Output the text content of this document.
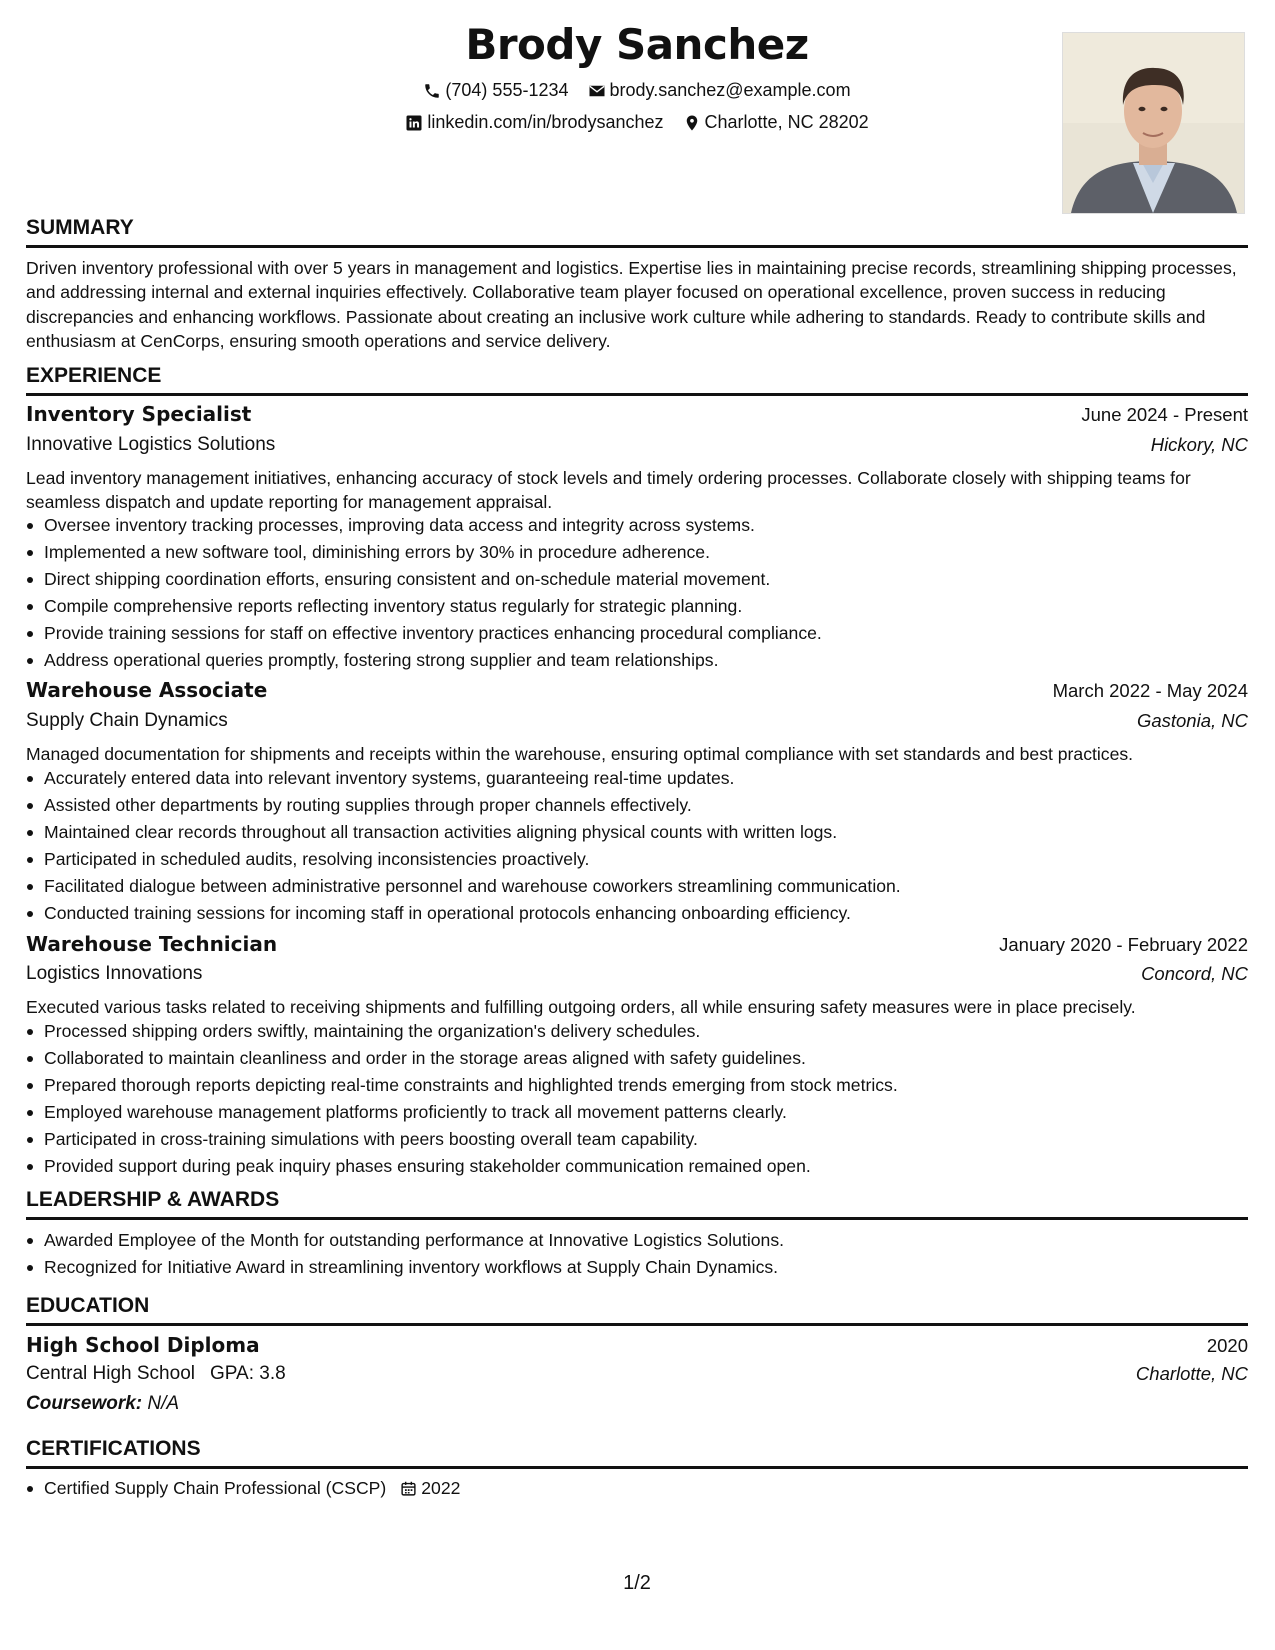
Brody Sanchez
(704) 555-1234
brody.sanchez@example.com
linkedin.com/in/brodysanchez
Charlotte, NC 28202
SUMMARY
Driven inventory professional with over 5 years in management and logistics. Expertise lies in maintaining precise records, streamlining shipping processes, and addressing internal and external inquiries effectively. Collaborative team player focused on operational excellence, proven success in reducing discrepancies and enhancing workflows. Passionate about creating an inclusive work culture while adhering to standards. Ready to contribute skills and enthusiasm at CenCorps, ensuring smooth operations and service delivery.
EXPERIENCE
Inventory Specialist	June 2024 - Present
Innovative Logistics Solutions	Hickory, NC
Lead inventory management initiatives, enhancing accuracy of stock levels and timely ordering processes. Collaborate closely with shipping teams for seamless dispatch and update reporting for management appraisal.
Oversee inventory tracking processes, improving data access and integrity across systems.
Implemented a new software tool, diminishing errors by 30% in procedure adherence.
Direct shipping coordination efforts, ensuring consistent and on-schedule material movement.
Compile comprehensive reports reflecting inventory status regularly for strategic planning.
Provide training sessions for staff on effective inventory practices enhancing procedural compliance.
Address operational queries promptly, fostering strong supplier and team relationships.
Warehouse Associate	March 2022 - May 2024
Supply Chain Dynamics	Gastonia, NC
Managed documentation for shipments and receipts within the warehouse, ensuring optimal compliance with set standards and best practices.
Accurately entered data into relevant inventory systems, guaranteeing real-time updates.
Assisted other departments by routing supplies through proper channels effectively.
Maintained clear records throughout all transaction activities aligning physical counts with written logs.
Participated in scheduled audits, resolving inconsistencies proactively.
Facilitated dialogue between administrative personnel and warehouse coworkers streamlining communication.
Conducted training sessions for incoming staff in operational protocols enhancing onboarding efficiency.
Warehouse Technician	January 2020 - February 2022
Logistics Innovations	Concord, NC
Executed various tasks related to receiving shipments and fulfilling outgoing orders, all while ensuring safety measures were in place precisely.
Processed shipping orders swiftly, maintaining the organization's delivery schedules.
Collaborated to maintain cleanliness and order in the storage areas aligned with safety guidelines.
Prepared thorough reports depicting real-time constraints and highlighted trends emerging from stock metrics.
Employed warehouse management platforms proficiently to track all movement patterns clearly.
Participated in cross-training simulations with peers boosting overall team capability.
Provided support during peak inquiry phases ensuring stakeholder communication remained open.
LEADERSHIP & AWARDS
Awarded Employee of the Month for outstanding performance at Innovative Logistics Solutions.
Recognized for Initiative Award in streamlining inventory workflows at Supply Chain Dynamics.
EDUCATION
High School Diploma	2020
Central High School GPA: 3.8	Charlotte, NC
Coursework: N/A
CERTIFICATIONS
Certified Supply Chain Professional (CSCP) 2022
1/2
